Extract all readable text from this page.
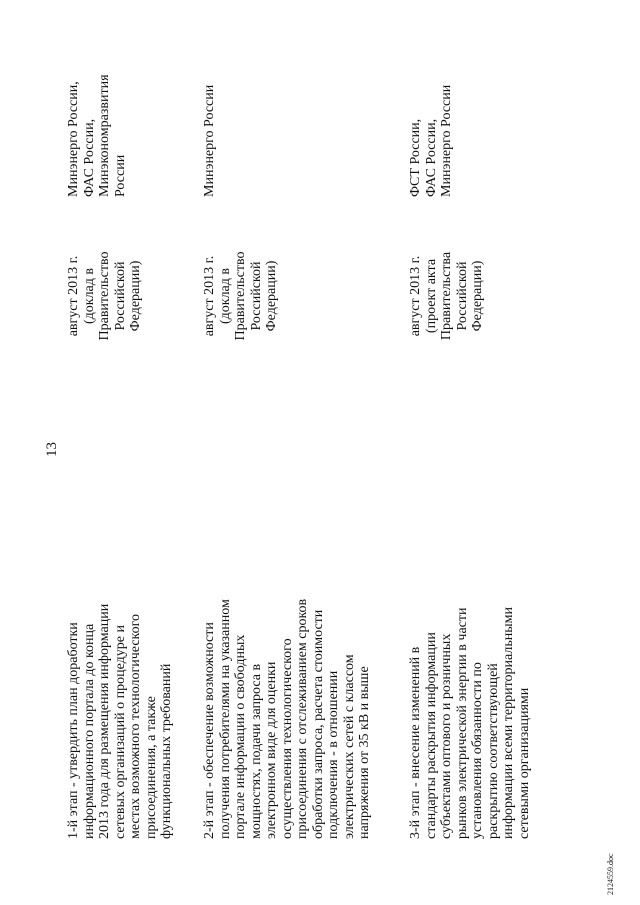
13
1-й этап - утвердить план доработки
информационного портала до конца
2013 года для размещения информации
сетевых организаций о процедуре и
местах возможного технологического
присоединения, а также
функциональных требований
август 2013 г.
(доклад в
Правительство
Российской
Федерации)
Минэнерго России,
ФАС России,
Минэкономразвития
России
2-й этап - обеспечение возможности
получения потребителями на указанном
портале информации о свободных
мощностях, подачи запроса в
электронном виде для оценки
осуществления технологического
присоединения с отслеживанием сроков
обработки запроса, расчета стоимости
подключения - в отношении
электрических сетей с классом
напряжения от 35 кВ и выше
август 2013 г.
(доклад в
Правительство
Российской
Федерации)
Минэнерго России
3-й этап - внесение изменений в
стандарты раскрытия информации
субъектами оптового и розничных
рынков электрической энергии в части
установления обязанности по
раскрытию соответствующей
информации всеми территориальными
сетевыми организациями
август 2013 г.
(проект акта
Правительства
Российской
Федерации)
ФСТ России,
ФАС России,
Минэнерго России
2124559.doc
